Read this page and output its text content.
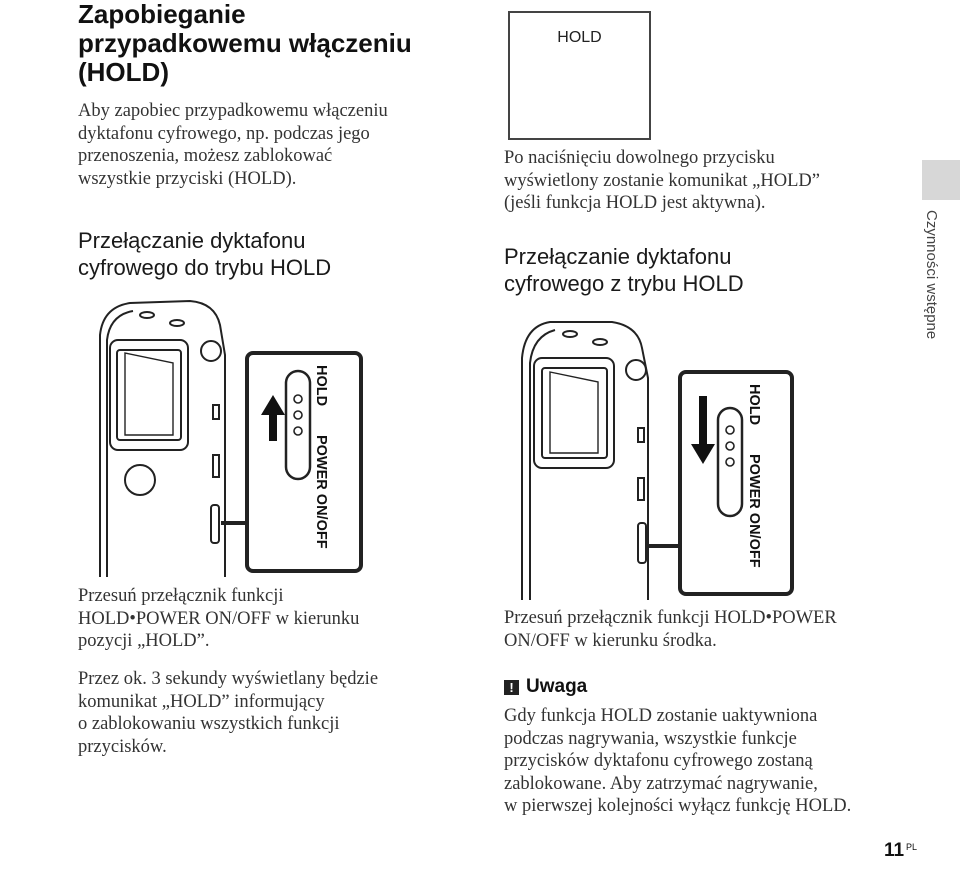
Zapobieganie
przypadkowemu włączeniu
(HOLD)
Aby zapobiec przypadkowemu włączeniu
dyktafonu cyfrowego, np. podczas jego
przenoszenia, możesz zablokować
wszystkie przyciski (HOLD).
Przełączanie dyktafonu
cyfrowego do trybu HOLD
HOLD
POWER ON/OFF
Przesuń przełącznik funkcji
HOLD•POWER ON/OFF w kierunku
pozycji „HOLD”.
Przez ok. 3 sekundy wyświetlany będzie
komunikat „HOLD” informujący
o zablokowaniu wszystkich funkcji
przycisków.
HOLD
Po naciśnięciu dowolnego przycisku
wyświetlony zostanie komunikat „HOLD”
(jeśli funkcja HOLD jest aktywna).
Przełączanie dyktafonu
cyfrowego z trybu HOLD
HOLD
POWER ON/OFF
Przesuń przełącznik funkcji HOLD•POWER
ON/OFF w kierunku środka.
! Uwaga
Gdy funkcja HOLD zostanie uaktywniona
podczas nagrywania, wszystkie funkcje
przycisków dyktafonu cyfrowego zostaną
zablokowane. Aby zatrzymać nagrywanie,
w pierwszej kolejności wyłącz funkcję HOLD.
Czynności wstępne
11 PL
